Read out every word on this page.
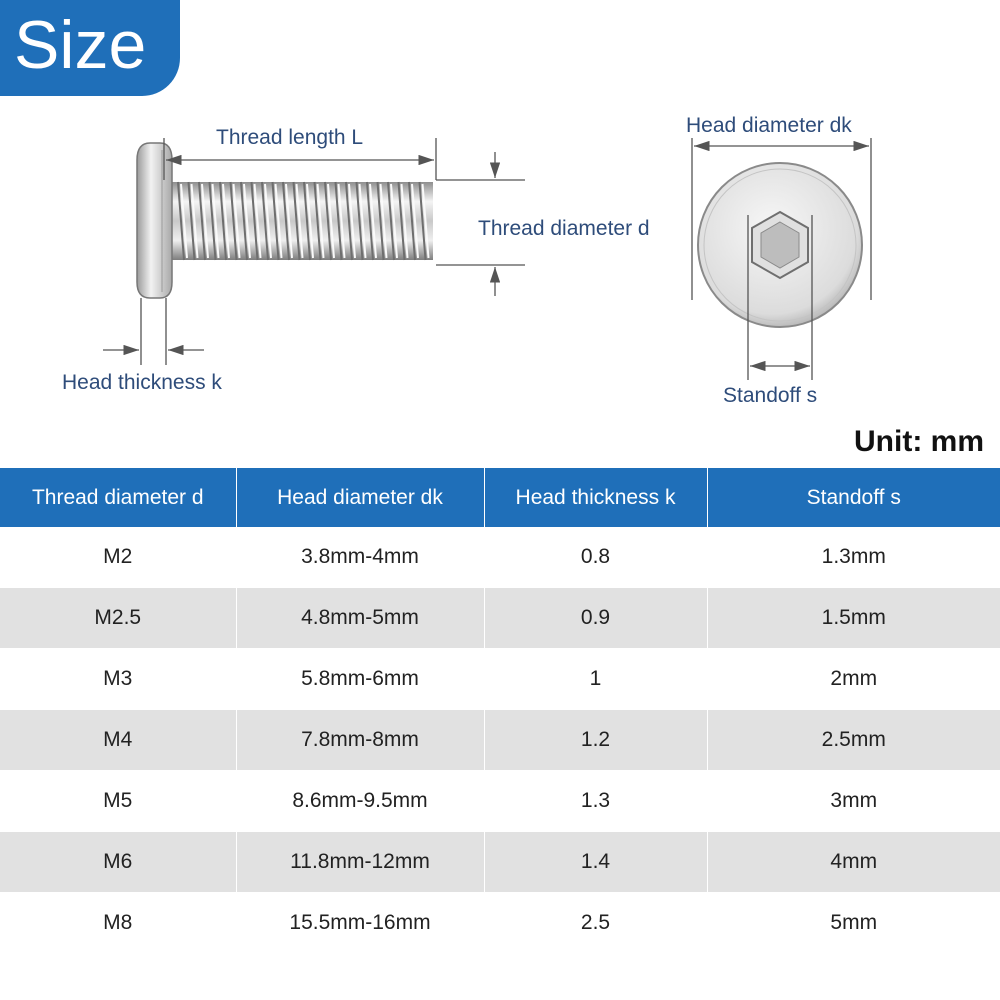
Size
Thread length L
Thread diameter d
Head thickness k
Head diameter dk
Standoff s
Unit: mm
Thread diameter d	Head diameter dk	Head thickness k	Standoff s
M2	3.8mm-4mm	0.8	1.3mm
M2.5	4.8mm-5mm	0.9	1.5mm
M3	5.8mm-6mm	1	2mm
M4	7.8mm-8mm	1.2	2.5mm
M5	8.6mm-9.5mm	1.3	3mm
M6	11.8mm-12mm	1.4	4mm
M8	15.5mm-16mm	2.5	5mm
